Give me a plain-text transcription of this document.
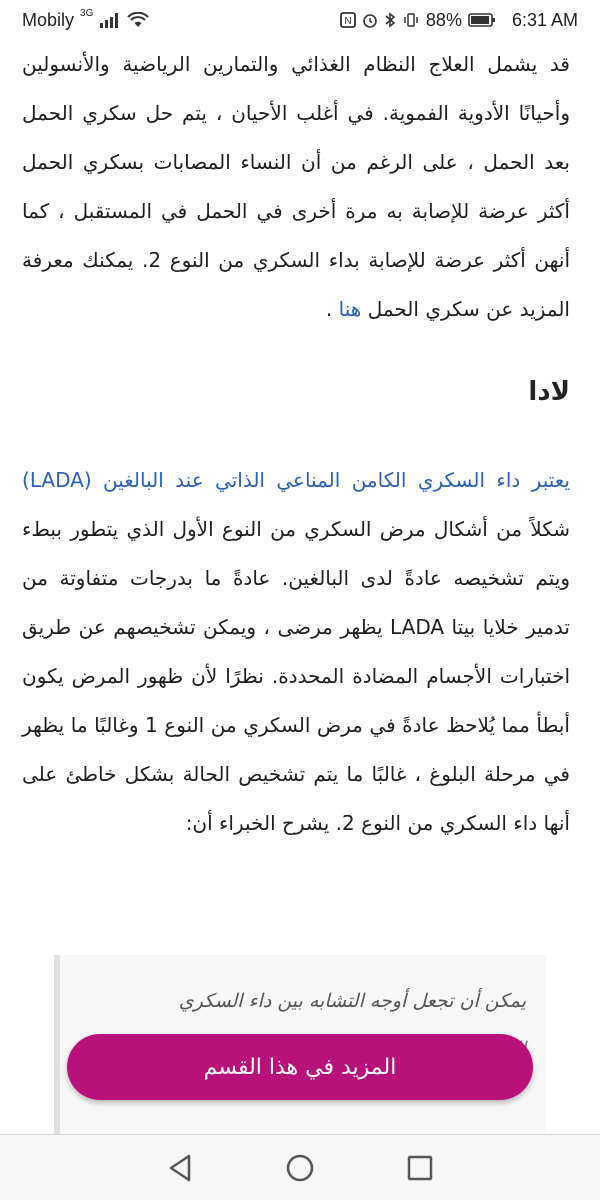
Mobily 3G
N	88%	6:31 AM

قد يشمل العلاج النظام الغذائي والتمارين الرياضية والأنسولين وأحيانًا الأدوية الفموية. في أغلب الأحيان ، يتم حل سكري الحمل بعد الحمل ، على الرغم من أن النساء المصابات بسكري الحمل أكثر عرضة للإصابة به مرة أخرى في الحمل في المستقبل ، كما أنهن أكثر عرضة للإصابة بداء السكري من النوع 2. يمكنك معرفة المزيد عن سكري الحمل هنا .

لادا

يعتبر داء السكري الكامن المناعي الذاتي عند البالغين (LADA) شكلاً من أشكال مرض السكري من النوع الأول الذي يتطور ببطء ويتم تشخيصه عادةً لدى البالغين. عادةً ما بدرجات متفاوتة من تدمير خلايا بيتا LADA يظهر مرضى ، ويمكن تشخيصهم عن طريق اختبارات الأجسام المضادة المحددة. نظرًا لأن ظهور المرض يكون أبطأ مما يُلاحظ عادةً في مرض السكري من النوع 1 وغالبًا ما يظهر في مرحلة البلوغ ، غالبًا ما يتم تشخيص الحالة بشكل خاطئ على أنها داء السكري من النوع 2. يشرح الخبراء أن:

يمكن أن تجعل أوجه التشابه بين داء السكري

المزيد في هذا القسم
